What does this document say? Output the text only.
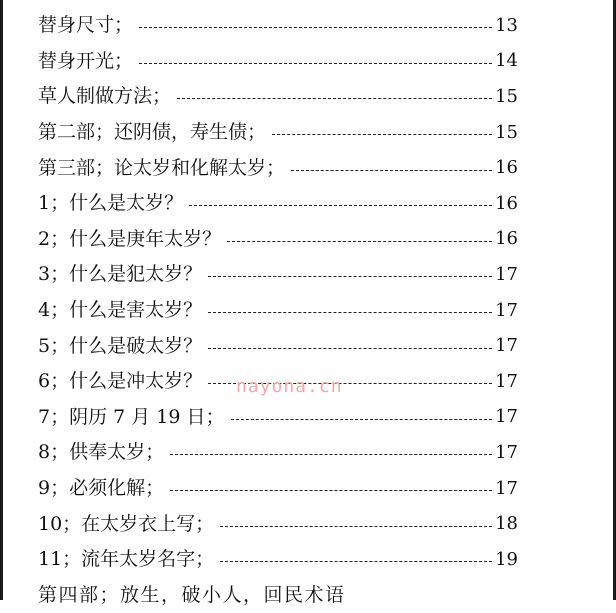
替身尺寸；	13
替身开光；	14
草人制做方法；	15
第二部；还阴债，寿生债；	15
第三部；论太岁和化解太岁；	16
1；什么是太岁？	16
2；什么是庚年太岁？	16
3；什么是犯太岁？	17
4；什么是害太岁？	17
5；什么是破太岁？	17
6；什么是冲太岁？	17
7；阴历 7 月 19 日；	17
8；供奉太岁；	17
9；必须化解；	17
10；在太岁衣上写；	18
11；流年太岁名字；	19
第四部；放生，破小人，回民术语
nayona.cn
